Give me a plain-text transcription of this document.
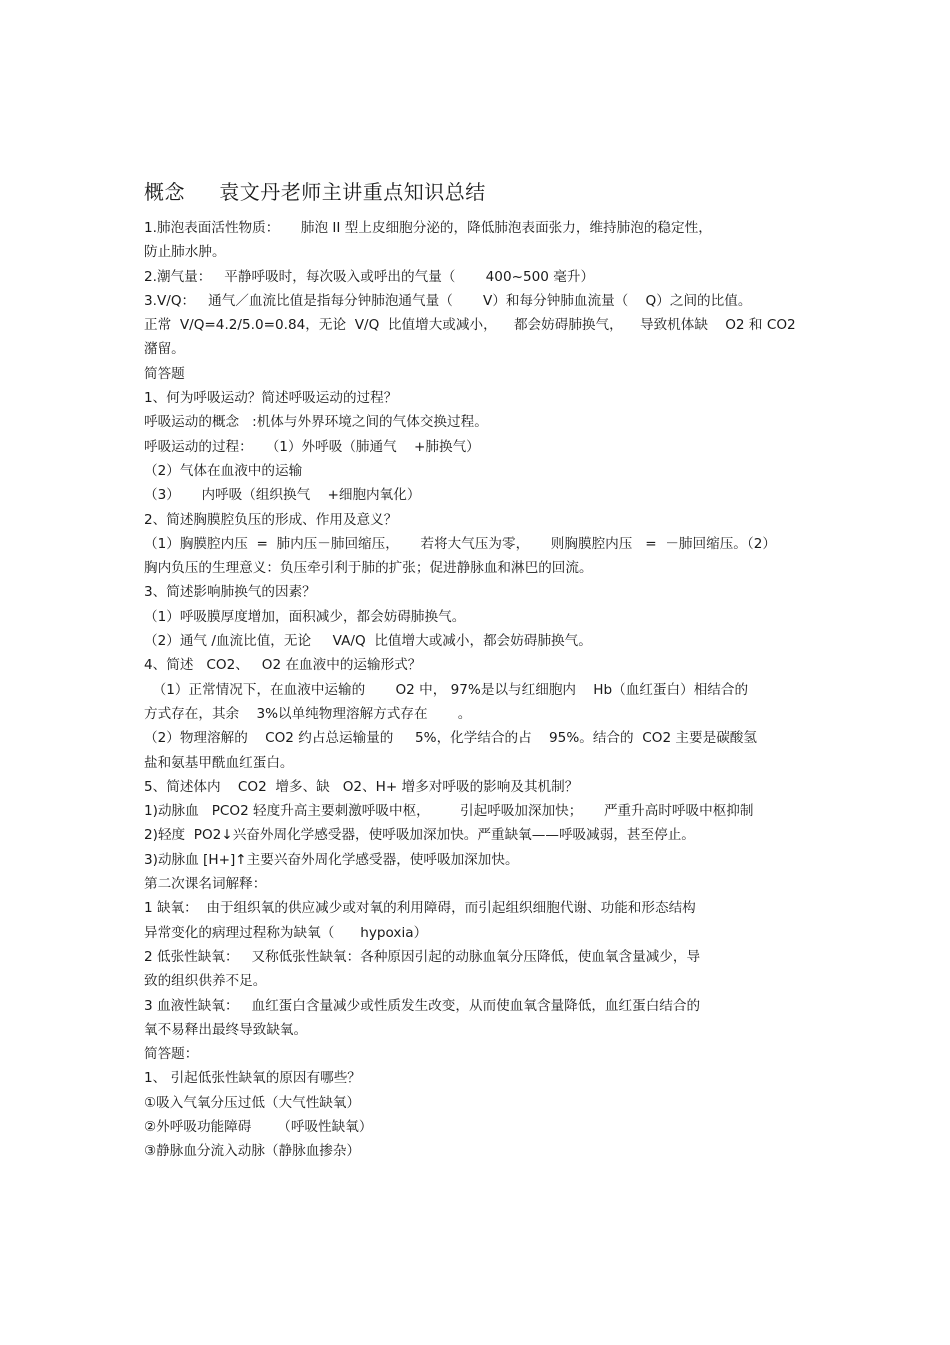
概念     袁文丹老师主讲重点知识总结
1.肺泡表面活性物质：     肺泡 II 型上皮细胞分泌的，降低肺泡表面张力，维持肺泡的稳定性，
防止肺水肿。
2.潮气量：   平静呼吸时，每次吸入或呼出的气量（       400~500 毫升）
3.V/Q：   通气／血流比值是指每分钟肺泡通气量（       V）和每分钟肺血流量（    Q）之间的比值。
正常  V/Q=4.2/5.0=0.84，无论  V/Q  比值增大或减小，    都会妨碍肺换气，    导致机体缺    O2 和 CO2
潴留。
简答题
1、何为呼吸运动？简述呼吸运动的过程？
呼吸运动的概念   :机体与外界环境之间的气体交换过程。
呼吸运动的过程：   （1）外呼吸（肺通气    +肺换气）
（2）气体在血液中的运输
（3）     内呼吸（组织换气    +细胞内氧化）
2、简述胸膜腔负压的形成、作用及意义？
（1）胸膜腔内压  =  肺内压－肺回缩压，     若将大气压为零，     则胸膜腔内压   =  －肺回缩压。（2）
胸内负压的生理意义：负压牵引利于肺的扩张；促进静脉血和淋巴的回流。
3、简述影响肺换气的因素？
（1）呼吸膜厚度增加，面积减少，都会妨碍肺换气。
（2）通气 /血流比值，无论     VA/Q  比值增大或减小，都会妨碍肺换气。
4、简述   CO2、   O2 在血液中的运输形式？
（1）正常情况下，在血液中运输的       O2 中， 97%是以与红细胞内    Hb（血红蛋白）相结合的
方式存在，其余    3%以单纯物理溶解方式存在       。
（2）物理溶解的    CO2 约占总运输量的     5%，化学结合的占    95%。结合的  CO2 主要是碳酸氢
盐和氨基甲酰血红蛋白。
5、简述体内    CO2  增多、缺   O2、H+ 增多对呼吸的影响及其机制？
1)动脉血   PCO2 轻度升高主要刺激呼吸中枢，       引起呼吸加深加快；     严重升高时呼吸中枢抑制
2)轻度  PO2↓兴奋外周化学感受器，使呼吸加深加快。严重缺氧——呼吸减弱，甚至停止。
3)动脉血 [H+]↑主要兴奋外周化学感受器，使呼吸加深加快。
第二次课名词解释：
1 缺氧：  由于组织氧的供应减少或对氧的利用障碍，而引起组织细胞代谢、功能和形态结构
异常变化的病理过程称为缺氧（      hypoxia）
2 低张性缺氧：   又称低张性缺氧：各种原因引起的动脉血氧分压降低，使血氧含量减少，导
致的组织供养不足。
3 血液性缺氧：   血红蛋白含量减少或性质发生改变，从而使血氧含量降低，血红蛋白结合的
氧不易释出最终导致缺氧。
简答题：
1、 引起低张性缺氧的原因有哪些？
①吸入气氧分压过低（大气性缺氧）
②外呼吸功能障碍      （呼吸性缺氧）
③静脉血分流入动脉（静脉血掺杂）
